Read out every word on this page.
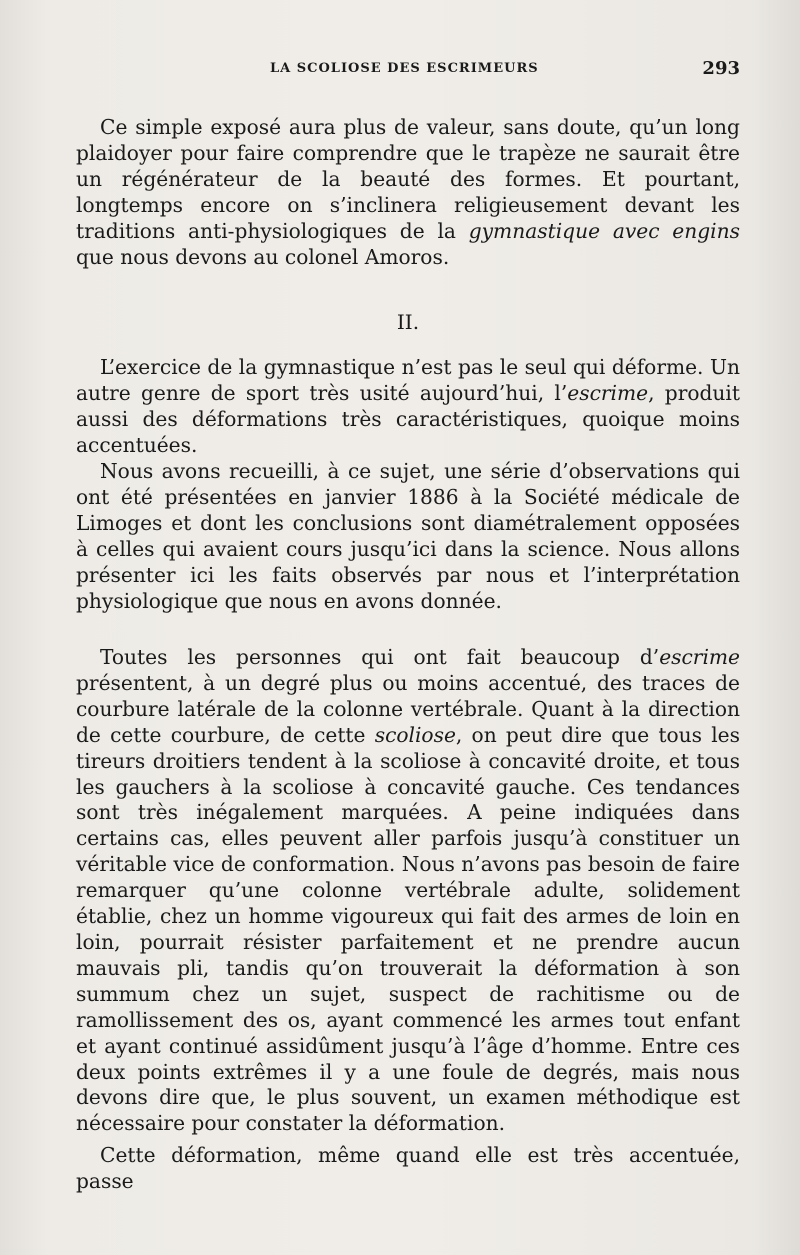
LA SCOLIOSE DES ESCRIMEURS	293

Ce simple exposé aura plus de valeur, sans doute, qu’un long plaidoyer pour faire comprendre que le trapèze ne saurait être un régénérateur de la beauté des formes. Et pourtant, longtemps encore on s’inclinera religieusement devant les traditions anti-physiologiques de la gymnastique avec engins que nous devons au colonel Amoros.

II.

L’exercice de la gymnastique n’est pas le seul qui déforme. Un autre genre de sport très usité aujourd’hui, l’escrime, produit aussi des déformations très caractéristiques, quoique moins accentuées.

Nous avons recueilli, à ce sujet, une série d’observations qui ont été présentées en janvier 1886 à la Société médicale de Limoges et dont les conclusions sont diamétralement opposées à celles qui avaient cours jusqu’ici dans la science. Nous allons présenter ici les faits observés par nous et l’interprétation physiologique que nous en avons donnée.

Toutes les personnes qui ont fait beaucoup d’escrime présentent, à un degré plus ou moins accentué, des traces de courbure latérale de la colonne vertébrale. Quant à la direction de cette courbure, de cette scoliose, on peut dire que tous les tireurs droitiers tendent à la scoliose à concavité droite, et tous les gauchers à la scoliose à concavité gauche. Ces tendances sont très inégalement marquées. A peine indiquées dans certains cas, elles peuvent aller parfois jusqu’à constituer un véritable vice de conformation. Nous n’avons pas besoin de faire remarquer qu’une colonne vertébrale adulte, solidement établie, chez un homme vigoureux qui fait des armes de loin en loin, pourrait résister parfaitement et ne prendre aucun mauvais pli, tandis qu’on trouverait la déformation à son summum chez un sujet, suspect de rachitisme ou de ramollissement des os, ayant commencé les armes tout enfant et ayant continué assidûment jusqu’à l’âge d’homme. Entre ces deux points extrêmes il y a une foule de degrés, mais nous devons dire que, le plus souvent, un examen méthodique est nécessaire pour constater la déformation.

Cette déformation, même quand elle est très accentuée, passe
